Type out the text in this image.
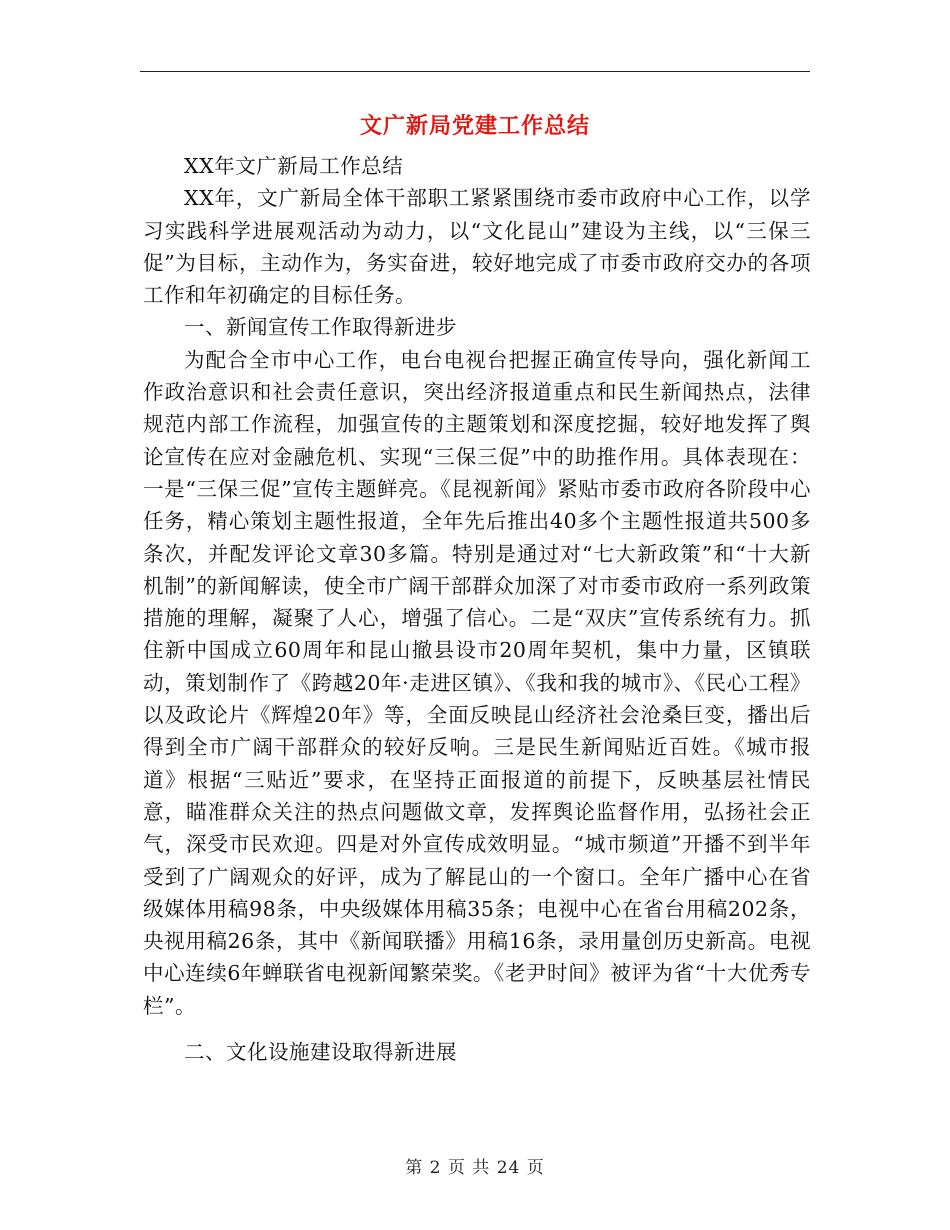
文广新局党建工作总结

XX年文广新局工作总结

XX年，文广新局全体干部职工紧紧围绕市委市政府中心工作，以学习实践科学进展观活动为动力，以“文化昆山”建设为主线，以“三保三促”为目标，主动作为，务实奋进，较好地完成了市委市政府交办的各项工作和年初确定的目标任务。

一、新闻宣传工作取得新进步

为配合全市中心工作，电台电视台把握正确宣传导向，强化新闻工作政治意识和社会责任意识，突出经济报道重点和民生新闻热点，法律规范内部工作流程，加强宣传的主题策划和深度挖掘，较好地发挥了舆论宣传在应对金融危机、实现“三保三促”中的助推作用。具体表现在：一是“三保三促”宣传主题鲜亮。《昆视新闻》紧贴市委市政府各阶段中心任务，精心策划主题性报道，全年先后推出40多个主题性报道共500多条次，并配发评论文章30多篇。特别是通过对“七大新政策”和“十大新机制”的新闻解读，使全市广阔干部群众加深了对市委市政府一系列政策措施的理解，凝聚了人心，增强了信心。二是“双庆”宣传系统有力。抓住新中国成立60周年和昆山撤县设市20周年契机，集中力量，区镇联动，策划制作了《跨越20年·走进区镇》、《我和我的城市》、《民心工程》以及政论片《辉煌20年》等，全面反映昆山经济社会沧桑巨变，播出后得到全市广阔干部群众的较好反响。三是民生新闻贴近百姓。《城市报道》根据“三贴近”要求，在坚持正面报道的前提下，反映基层社情民意，瞄准群众关注的热点问题做文章，发挥舆论监督作用，弘扬社会正气，深受市民欢迎。四是对外宣传成效明显。“城市频道”开播不到半年受到了广阔观众的好评，成为了解昆山的一个窗口。全年广播中心在省级媒体用稿98条，中央级媒体用稿35条；电视中心在省台用稿202条，央视用稿26条，其中《新闻联播》用稿16条，录用量创历史新高。电视中心连续6年蝉联省电视新闻繁荣奖。《老尹时间》被评为省“十大优秀专栏”。

二、文化设施建设取得新进展

第 2 页 共 24 页
